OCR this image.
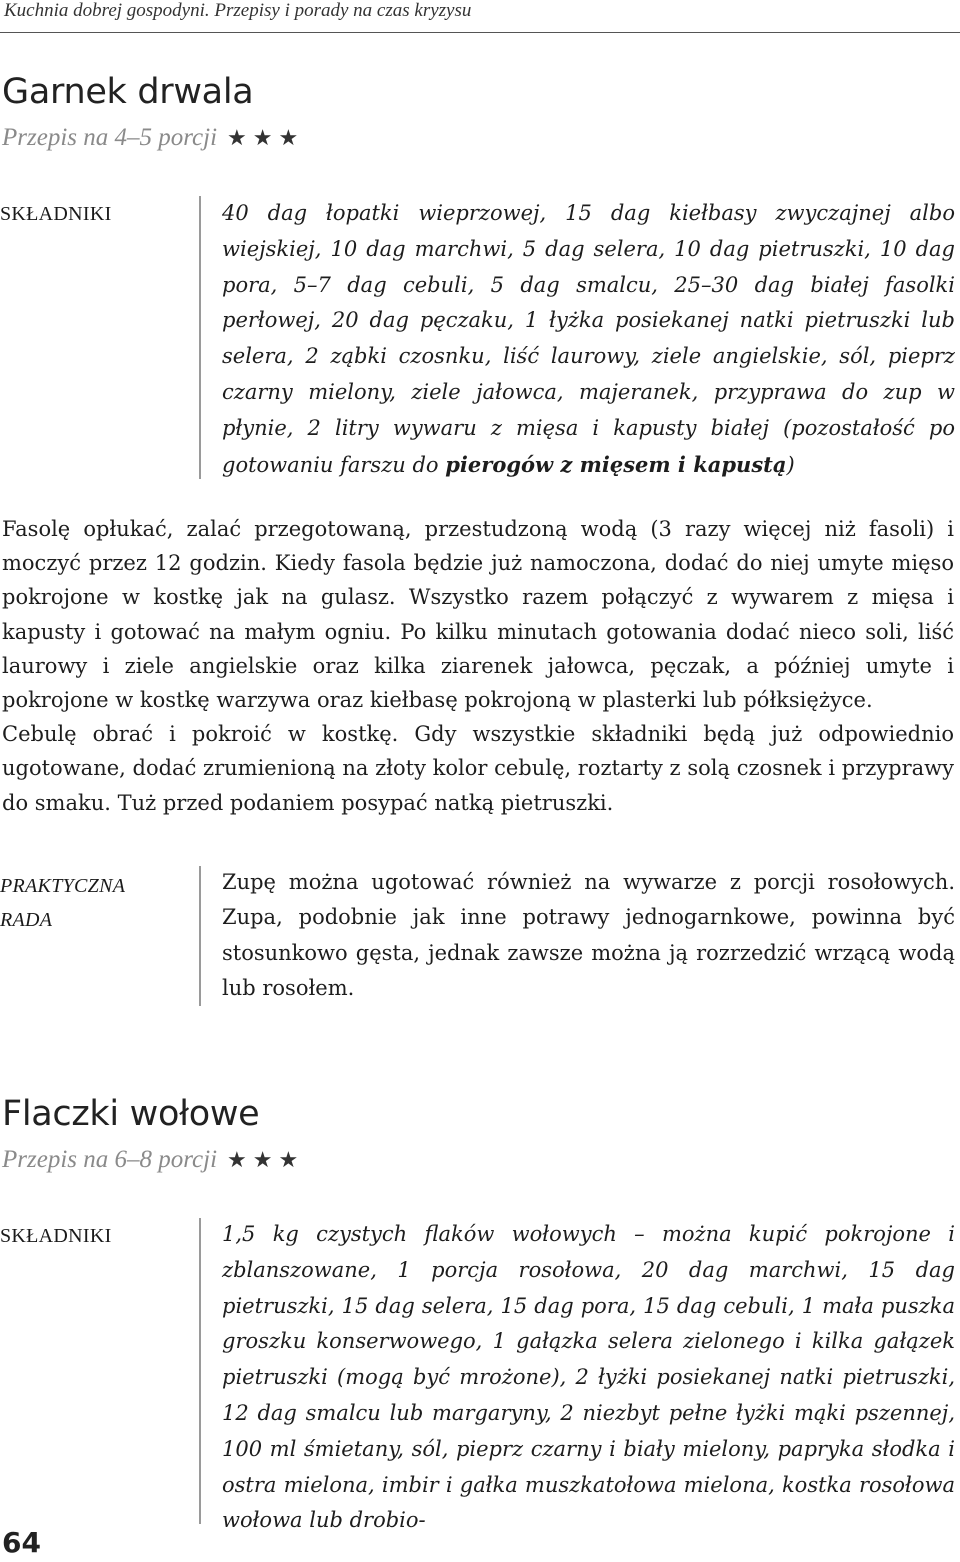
Kuchnia dobrej gospodyni. Przepisy i porady na czas kryzysu
Garnek drwala
Przepis na 4–5 porcji ★★★
SKŁADNIKI	40 dag łopatki wieprzowej, 15 dag kiełbasy zwyczajnej albo wiejskiej, 10 dag marchwi, 5 dag selera, 10 dag pietruszki, 10 dag pora, 5–7 dag cebuli, 5 dag smalcu, 25–30 dag białej fasolki perłowej, 20 dag pęczaku, 1 łyżka posiekanej natki pietruszki lub selera, 2 ząbki czosnku, liść laurowy, ziele angielskie, sól, pieprz czarny mielony, ziele jałowca, majeranek, przyprawa do zup w płynie, 2 litry wywaru z mięsa i kapusty białej (pozostałość po gotowaniu farszu do pierogów z mięsem i kapustą)

Fasolę opłukać, zalać przegotowaną, przestudzoną wodą (3 razy więcej niż fasoli) i moczyć przez 12 godzin. Kiedy fasola będzie już namoczona, dodać do niej umyte mięso pokrojone w kostkę jak na gulasz. Wszystko razem połączyć z wywarem z mięsa i kapusty i gotować na małym ogniu. Po kilku minutach gotowania dodać nieco soli, liść laurowy i ziele angielskie oraz kilka ziarenek jałowca, pęczak, a później umyte i pokrojone w kostkę warzywa oraz kiełbasę pokrojoną w plasterki lub półksiężyce.

Cebulę obrać i pokroić w kostkę. Gdy wszystkie składniki będą już odpowiednio ugotowane, dodać zrumienioną na złoty kolor cebulę, roztarty z solą czosnek i przyprawy do smaku. Tuż przed podaniem posypać natką pietruszki.

PRAKTYCZNA
RADA
Zupę można ugotować również na wywarze z porcji rosołowych. Zupa, podobnie jak inne potrawy jednogarnkowe, powinna być stosunkowo gęsta, jednak zawsze można ją rozrzedzić wrzącą wodą lub rosołem.
Flaczki wołowe
Przepis na 6–8 porcji ★★★
SKŁADNIKI	1,5 kg czystych flaków wołowych – można kupić pokrojone i zblanszowane, 1 porcja rosołowa, 20 dag marchwi, 15 dag pietruszki, 15 dag selera, 15 dag pora, 15 dag cebuli, 1 mała puszka groszku konserwowego, 1 gałązka selera zielonego i kilka gałązek pietruszki (mogą być mrożone), 2 łyżki posiekanej natki pietruszki, 12 dag smalcu lub margaryny, 2 niezbyt pełne łyżki mąki pszennej, 100 ml śmietany, sól, pieprz czarny i biały mielony, papryka słodka i ostra mielona, imbir i gałka muszkatołowa mielona, kostka rosołowa wołowa lub drobio-
64
